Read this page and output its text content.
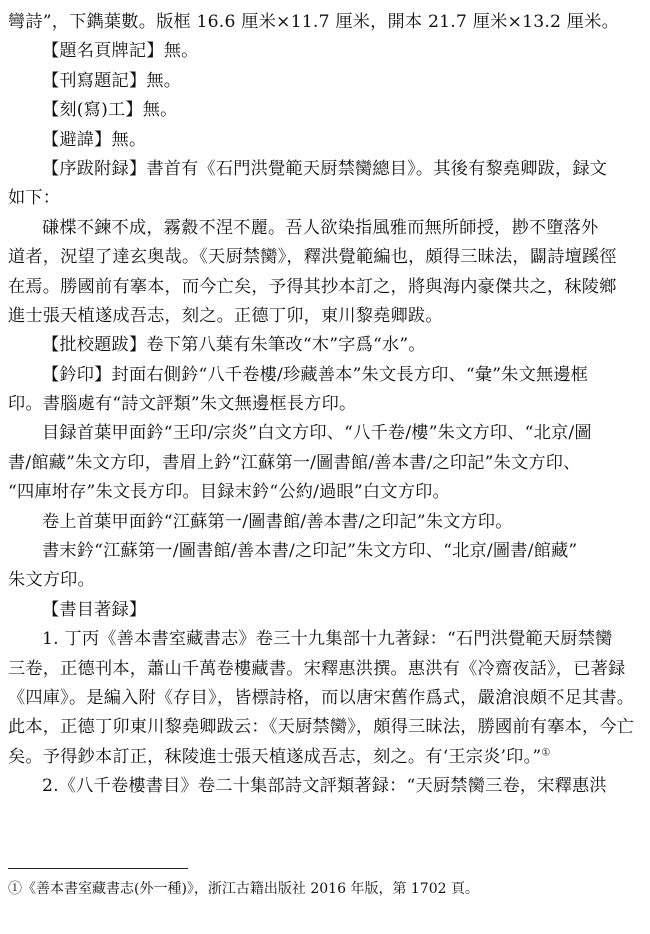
彎詩”，下鐫葉數。版框 16.6 厘米×11.7 厘米，開本 21.7 厘米×13.2 厘米。
【題名頁牌記】無。
【刊寫題記】無。
【刻(寫)工】無。
【避諱】無。
【序跋附録】書首有《石門洪覺範天厨禁臠總目》。其後有黎堯卿跋，録文
如下：
磏楪不鍊不成，霧縠不涅不麗。吾人欲染指風雅而無所師授，尠不墮落外
道者，況望了達玄奥哉。《天厨禁臠》，釋洪覺範編也，頗得三昧法，闢詩壇蹊徑
在焉。勝國前有搴本，而今亡矣，予得其抄本訂之，將與海内豪傑共之，秣陵鄉
進士張天植遂成吾志，刻之。正德丁卯，東川黎堯卿跋。
【批校題跋】卷下第八葉有朱筆改“木”字爲“水”。
【鈐印】封面右側鈐“八千卷樓/珍藏善本”朱文長方印、“彙”朱文無邊框
印。書腦處有“詩文評類”朱文無邊框長方印。
目録首葉甲面鈐“王印/宗炎”白文方印、“八千卷/樓”朱文方印、“北京/圖
書/館藏”朱文方印，書眉上鈐“江蘇第一/圖書館/善本書/之印記”朱文方印、
“四庫坿存”朱文長方印。目録末鈐“公約/過眼”白文方印。
卷上首葉甲面鈐“江蘇第一/圖書館/善本書/之印記”朱文方印。
書末鈐“江蘇第一/圖書館/善本書/之印記”朱文方印、“北京/圖書/館藏”
朱文方印。
【書目著録】
1. 丁丙《善本書室藏書志》卷三十九集部十九著録：“石門洪覺範天厨禁臠
三卷，正德刊本，蕭山千萬卷樓藏書。宋釋惠洪撰。惠洪有《冷齋夜話》，已著録
《四庫》。是編入附《存目》，皆標詩格，而以唐宋舊作爲式，嚴滄浪頗不足其書。
此本，正德丁卯東川黎堯卿跋云：《天厨禁臠》，頗得三昧法，勝國前有搴本，今亡
矣。予得鈔本訂正，秣陵進士張天植遂成吾志，刻之。有‘王宗炎’印。”①
2.《八千卷樓書目》卷二十集部詩文評類著録：“天厨禁臠三卷，宋釋惠洪
①《善本書室藏書志(外一種)》，浙江古籍出版社 2016 年版，第 1702 頁。
